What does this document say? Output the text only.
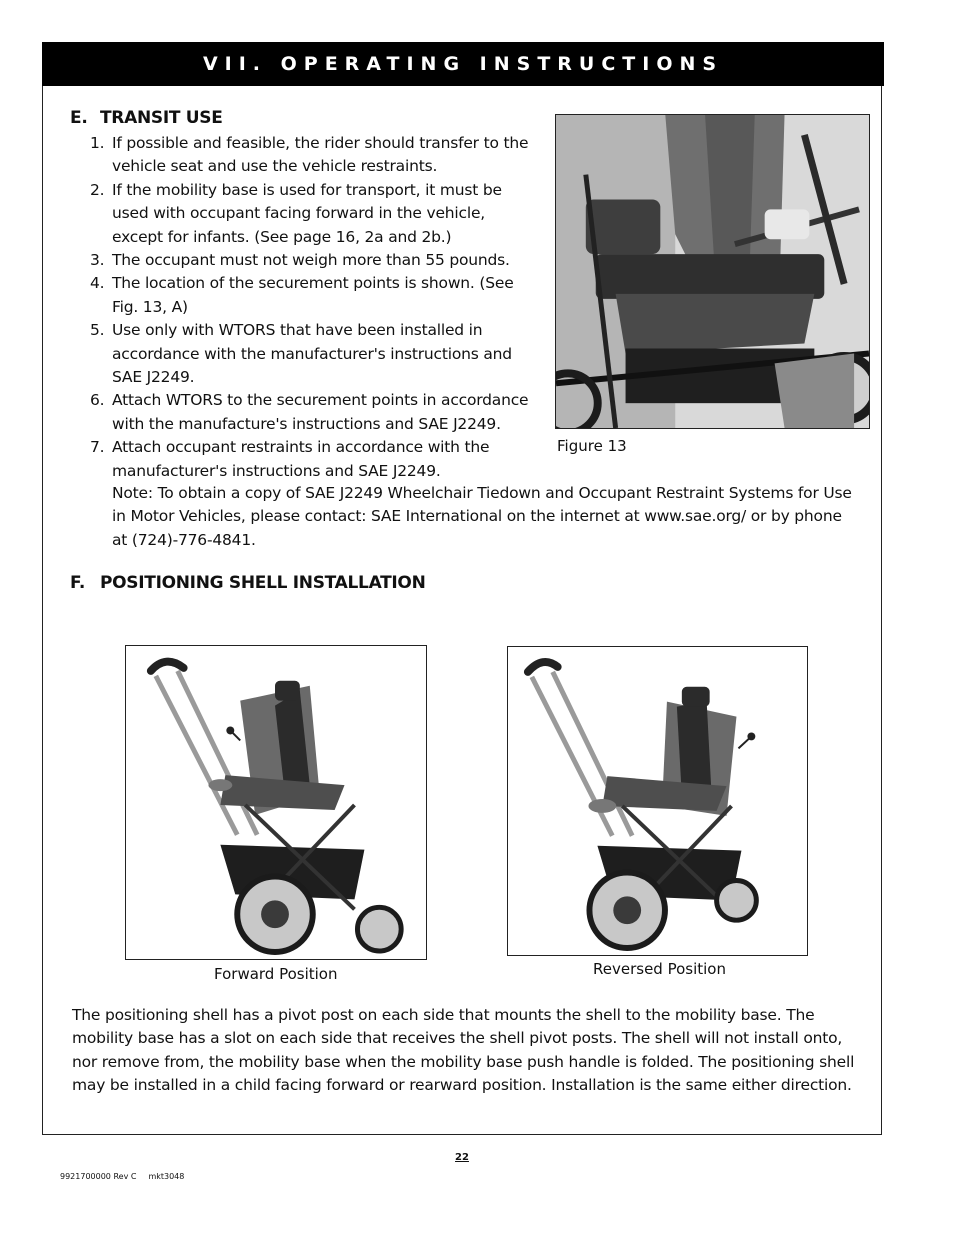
VII. OPERATING INSTRUCTIONS
E. TRANSIT USE
1. If possible and feasible, the rider should transfer to the vehicle seat and use the vehicle restraints.
2. If the mobility base is used for transport, it must be used with occupant facing forward in the vehicle, except for infants. (See page 16, 2a and 2b.)
3. The occupant must not weigh more than 55 pounds.
4. The location of the securement points is shown. (See Fig. 13, A)
5. Use only with WTORS that have been installed in accordance with the manufacturer's instructions and SAE J2249.
6. Attach WTORS to the securement points in accordance with the manufacture's instructions and SAE J2249.
7. Attach occupant restraints in accordance with the manufacturer's instructions and SAE J2249.
Note: To obtain a copy of SAE J2249 Wheelchair Tiedown and Occupant Restraint Systems for Use in Motor Vehicles, please contact: SAE International on the internet at www.sae.org/ or by phone at (724)-776-4841.
Figure 13
F. POSITIONING SHELL INSTALLATION
Forward Position	Reversed Position
The positioning shell has a pivot post on each side that mounts the shell to the mobility base. The mobility base has a slot on each side that receives the shell pivot posts. The shell will not install onto, nor remove from, the mobility base when the mobility base push handle is folded. The positioning shell may be installed in a child facing forward or rearward position. Installation is the same either direction.
22
9921700000 Rev C mkt3048
